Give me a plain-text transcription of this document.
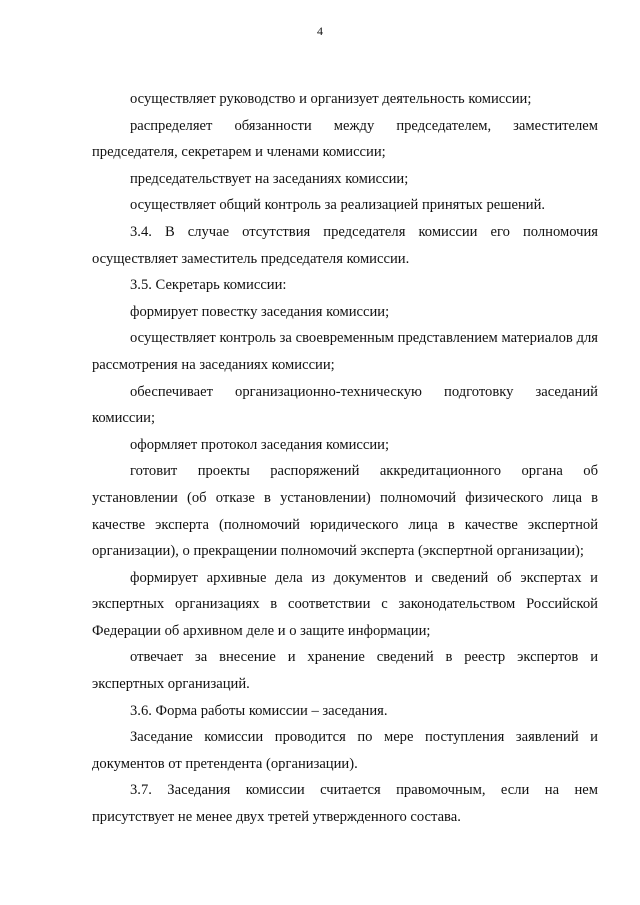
4

осуществляет руководство и организует деятельность комиссии;

распределяет обязанности между председателем, заместителем председателя, секретарем и членами комиссии;

председательствует на заседаниях комиссии;

осуществляет общий контроль за реализацией принятых решений.

3.4. В случае отсутствия председателя комиссии его полномочия осуществляет заместитель председателя комиссии.

3.5. Секретарь комиссии:

формирует повестку заседания комиссии;

осуществляет контроль за своевременным представлением материалов для рассмотрения на заседаниях комиссии;

обеспечивает организационно-техническую подготовку заседаний комиссии;

оформляет протокол заседания комиссии;

готовит проекты распоряжений аккредитационного органа об установлении (об отказе в установлении) полномочий физического лица в качестве эксперта (полномочий юридического лица в качестве экспертной организации), о прекращении полномочий эксперта (экспертной организации);

формирует архивные дела из документов и сведений об экспертах и экспертных организациях в соответствии с законодательством Российской Федерации об архивном деле и о защите информации;

отвечает за внесение и хранение сведений в реестр экспертов и экспертных организаций.

3.6. Форма работы комиссии – заседания.

Заседание комиссии проводится по мере поступления заявлений и документов от претендента (организации).

3.7. Заседания комиссии считается правомочным, если на нем присутствует не менее двух третей утвержденного состава.
